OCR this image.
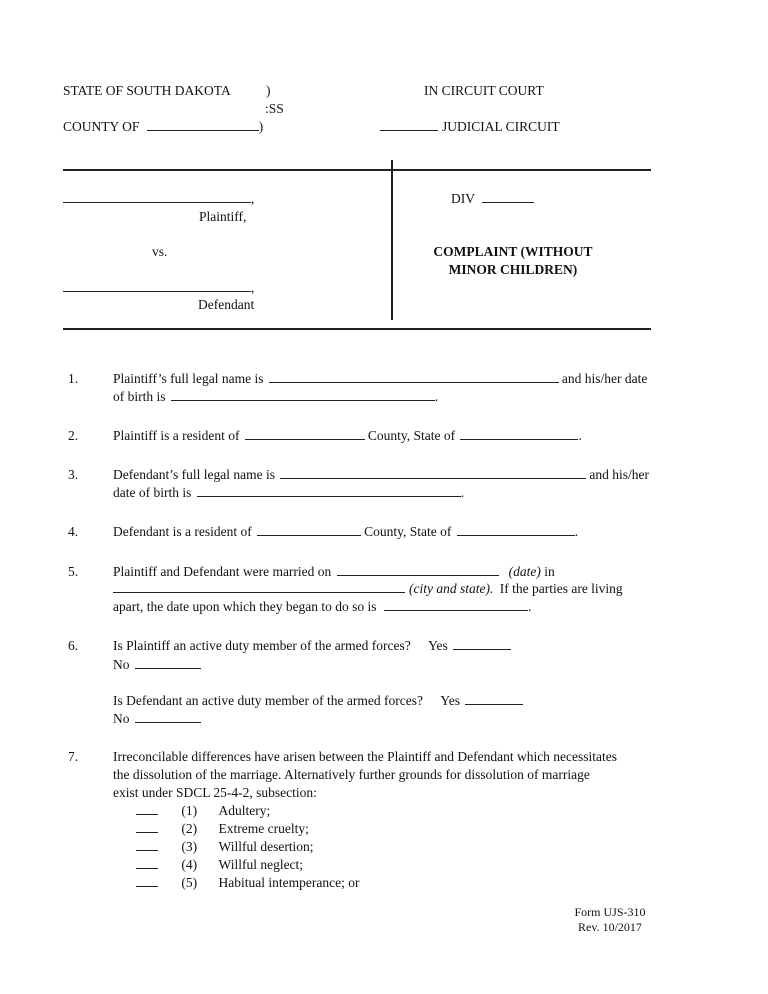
STATE OF SOUTH DAKOTA	)
:SS
COUNTY OF	)
IN CIRCUIT COURT
JUDICIAL CIRCUIT
,
Plaintiff,
vs.
,
Defendant
DIV
COMPLAINT (WITHOUT
MINOR CHILDREN)
1.	Plaintiff’s full legal name is	and his/her date
of birth is	.
2.	Plaintiff is a resident of	County, State of	.
3.	Defendant’s full legal name is	and his/her
date of birth is	.
4.	Defendant is a resident of	County, State of	.
5.	Plaintiff and Defendant were married on	(date) in
(city and state). If the parties are living
apart, the date upon which they began to do so is	.
6.	Is Plaintiff an active duty member of the armed forces? Yes
No
Is Defendant an active duty member of the armed forces? Yes
No
7.	Irreconcilable differences have arisen between the Plaintiff and Defendant which necessitates
the dissolution of the marriage. Alternatively further grounds for dissolution of marriage
exist under SDCL 25-4-2, subsection:
(1) Adultery;
(2) Extreme cruelty;
(3) Willful desertion;
(4) Willful neglect;
(5) Habitual intemperance; or
Form UJS-310
Rev. 10/2017
